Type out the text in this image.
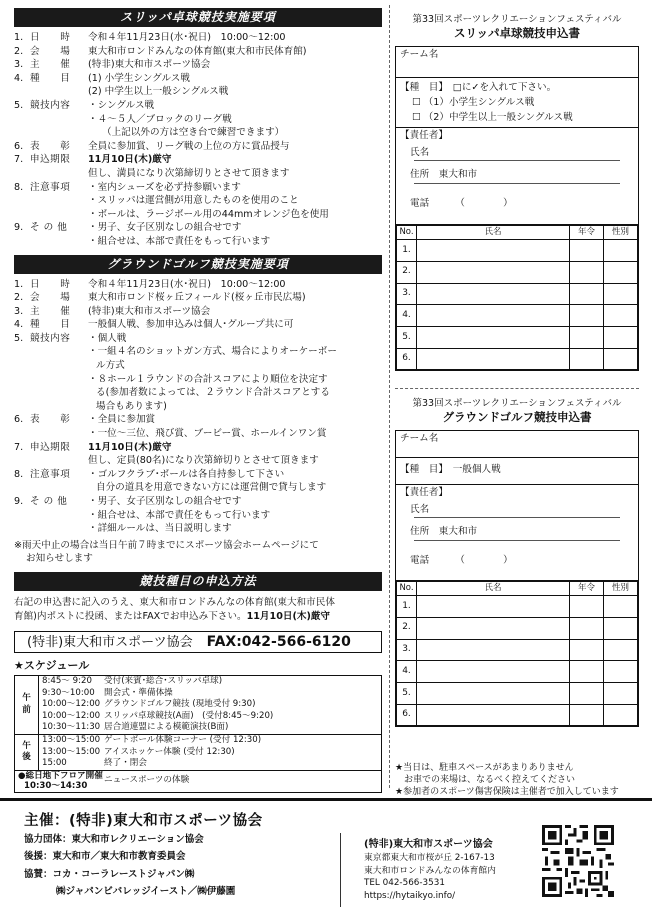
スリッパ卓球競技実施要項
1. 日　　時	令和４年11月23日(水･祝日)　10:00～12:00
2. 会　　場	東大和市ロンドみんなの体育館(東大和市民体育館)
3. 主　　催	(特非)東大和市スポーツ協会
4. 種　　目	(1) 小学生シングルス戦
(2) 中学生以上一般シングルス戦
5. 競技内容	・シングルス戦
・４～５人／ブロックのリーグ戦
（上記以外の方は空き台で練習できます）
6. 表　　彰	全員に参加賞、リーグ戦の上位の方に賞品授与
7. 申込期限	11月10日(木)厳守
但し、満員になり次第締切りとさせて頂きます
8. 注意事項	・室内シューズを必ず持参願います
・スリッパは運営側が用意したものを使用のこと
・ボールは、ラージボール用の44mmオレンジ色を使用
9. そ の 他	・男子、女子区別なしの組合せです
・組合せは、本部で責任をもって行います
グラウンドゴルフ競技実施要項
1. 日　　時	令和４年11月23日(水･祝日)　10:00～12:00
2. 会　　場	東大和市ロンド桜ヶ丘フィールド(桜ヶ丘市民広場)
3. 主　　催	(特非)東大和市スポーツ協会
4. 種　　目	一般個人戦、参加申込みは個人･グループ共に可
5. 競技内容	・個人戦
・一組４名のショットガン方式、場合によりオーケーボー
ル方式
・８ホール１ラウンドの合計スコアにより順位を決定す
る(参加者数によっては、２ラウンド合計スコアとする
場合もあります)
6. 表　　彰	・全員に参加賞
・一位～三位、飛び賞、ブービー賞、ホールインワン賞
7. 申込期限	11月10日(木)厳守
但し、定員(80名)になり次第締切りとさせて頂きます
8. 注意事項	・ゴルフクラブ･ボールは各自持参して下さい
自分の道具を用意できない方には運営側で貸与します
9. そ の 他	・男子、女子区別なしの組合せです
・組合せは、本部で責任をもって行います
・詳細ルールは、当日説明します
※雨天中止の場合は当日午前７時までにスポーツ協会ホームページにて
お知らせします
競技種目の申込方法
右記の申込書に記入のうえ、東大和市ロンドみんなの体育館(東大和市民体
育館)内ポストに投函、またはFAXでお申込み下さい。11月10日(木)厳守
(特非)東大和市スポーツ協会 FAX:042-566-6120
★スケジュール
午前	8:45～ 9:20 受付(来賓･総合･スリッパ卓球)
9:30～10:00 開会式・準備体操
10:00～12:00 グラウンドゴルフ競技 (現地受付 9:30)
10:00～12:00 スリッパ卓球競技(A面)　(受付8:45～9:20)
10:30～11:30 居合道連盟による模範演技(B面)

午後	13:00～15:00 ゲートボール体験コーナー (受付 12:30)
13:00～15:00 アイスホッケー体験 (受付 12:30)
15:00 終了・閉会

●総日地下フロア開催
10:30～14:30
ニュースポーツの体験	
第33回スポーツレクリエーションフェスティバル
スリッパ卓球競技申込書
チーム名
【種　目】　 □に✓を入れて下さい。
☐ （1）小学生シングルス戦
☐ （2）中学生以上一般シングルス戦
【責任者】
氏名
住所　 東大和市
電話	（　　　　）
No.	氏名	年令	性別
1.			
2.			
3.			
4.			
5.			
6.			
第33回スポーツレクリエーションフェスティバル
グラウンドゴルフ競技申込書
チーム名
【種　目】　 一般個人戦
【責任者】
氏名
住所　 東大和市
電話	（　　　　）
No.	氏名	年令	性別
1.			
2.			
3.			
4.			
5.			
6.			
★当日は、駐車スペースがあまりありません
　お車での来場は、なるべく控えてください
★参加者のスポーツ傷害保険は主催者で加入しています
主催：(特非)東大和市スポーツ協会
協力団体：東大和市レクリエーション協会
後援：東大和市／東大和市教育委員会
協賛：コカ・コーラレーストジャパン㈱
㈱ジャパンビバレッジイースト／㈱伊藤園
(特非)東大和市スポーツ協会
東京都東大和市桜が丘 2-167-13
東大和市ロンドみんなの体育館内
TEL 042-566-3531
https://hytaikyo.info/
